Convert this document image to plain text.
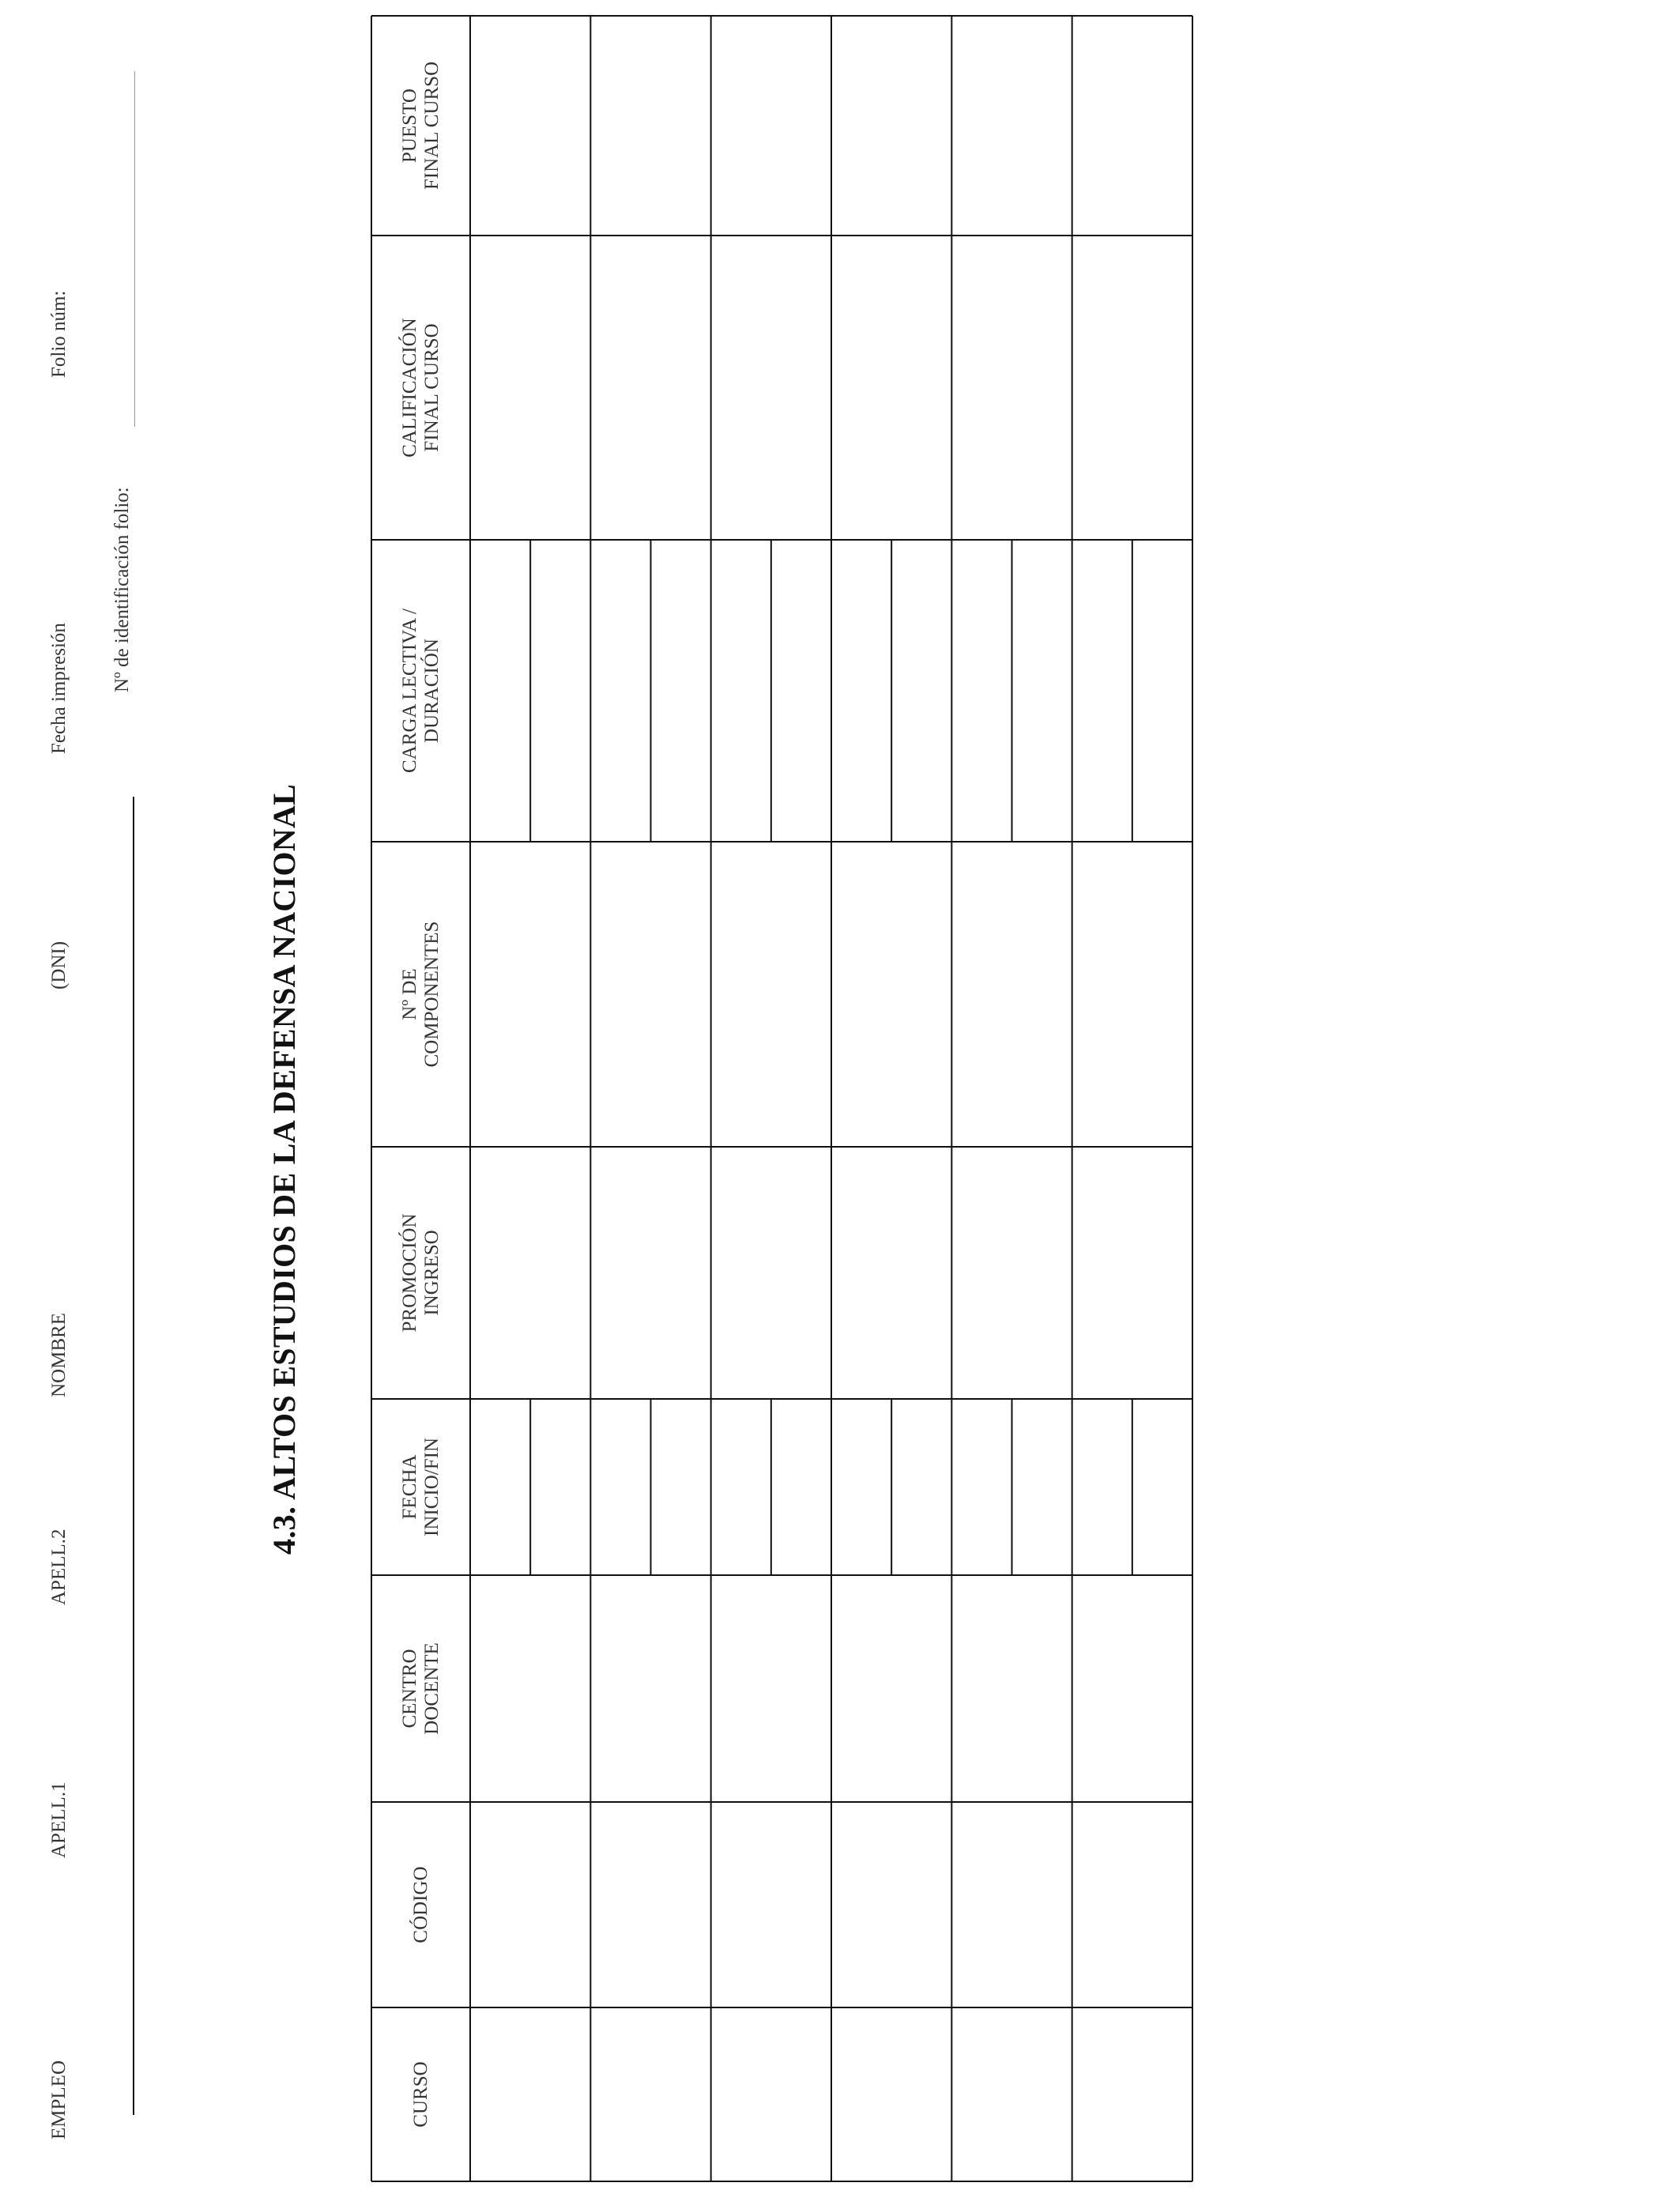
EMPLEO
APELL.1
APELL.2
NOMBRE
(DNI)
Fecha impresión
Folio núm:
Nº de identificación folio:
4.3. ALTOS ESTUDIOS DE LA DEFENSA NACIONAL
CURSO
CÓDIGO
CENTRO DOCENTE
FECHA INICIO/FIN
PROMOCIÓN INGRESO
Nº DE COMPONENTES
CARGA LECTIVA / DURACIÓN
CALIFICACIÓN FINAL CURSO
PUESTO FINAL CURSO
